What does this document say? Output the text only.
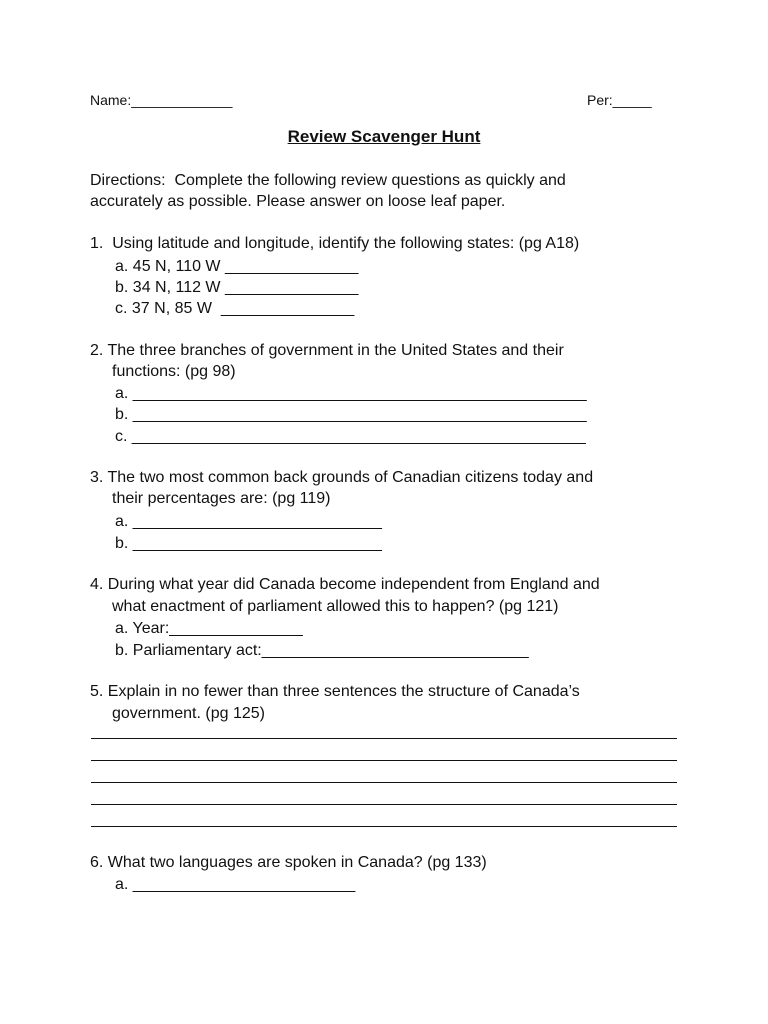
Name:_____________	Per:_____
Review Scavenger Hunt
Directions:  Complete the following review questions as quickly and
accurately as possible. Please answer on loose leaf paper.
1.  Using latitude and longitude, identify the following states: (pg A18)
a. 45 N, 110 W _______________
b. 34 N, 112 W _______________
c. 37 N, 85 W  _______________
2. The three branches of government in the United States and their
functions: (pg 98)
a. ___________________________________________________
b. ___________________________________________________
c. ___________________________________________________
3. The two most common back grounds of Canadian citizens today and
their percentages are: (pg 119)
a. ____________________________
b. ____________________________
4. During what year did Canada become independent from England and
what enactment of parliament allowed this to happen? (pg 121)
a. Year:_______________
b. Parliamentary act:______________________________
5. Explain in no fewer than three sentences the structure of Canada’s
government. (pg 125)
6. What two languages are spoken in Canada? (pg 133)
a. _________________________
